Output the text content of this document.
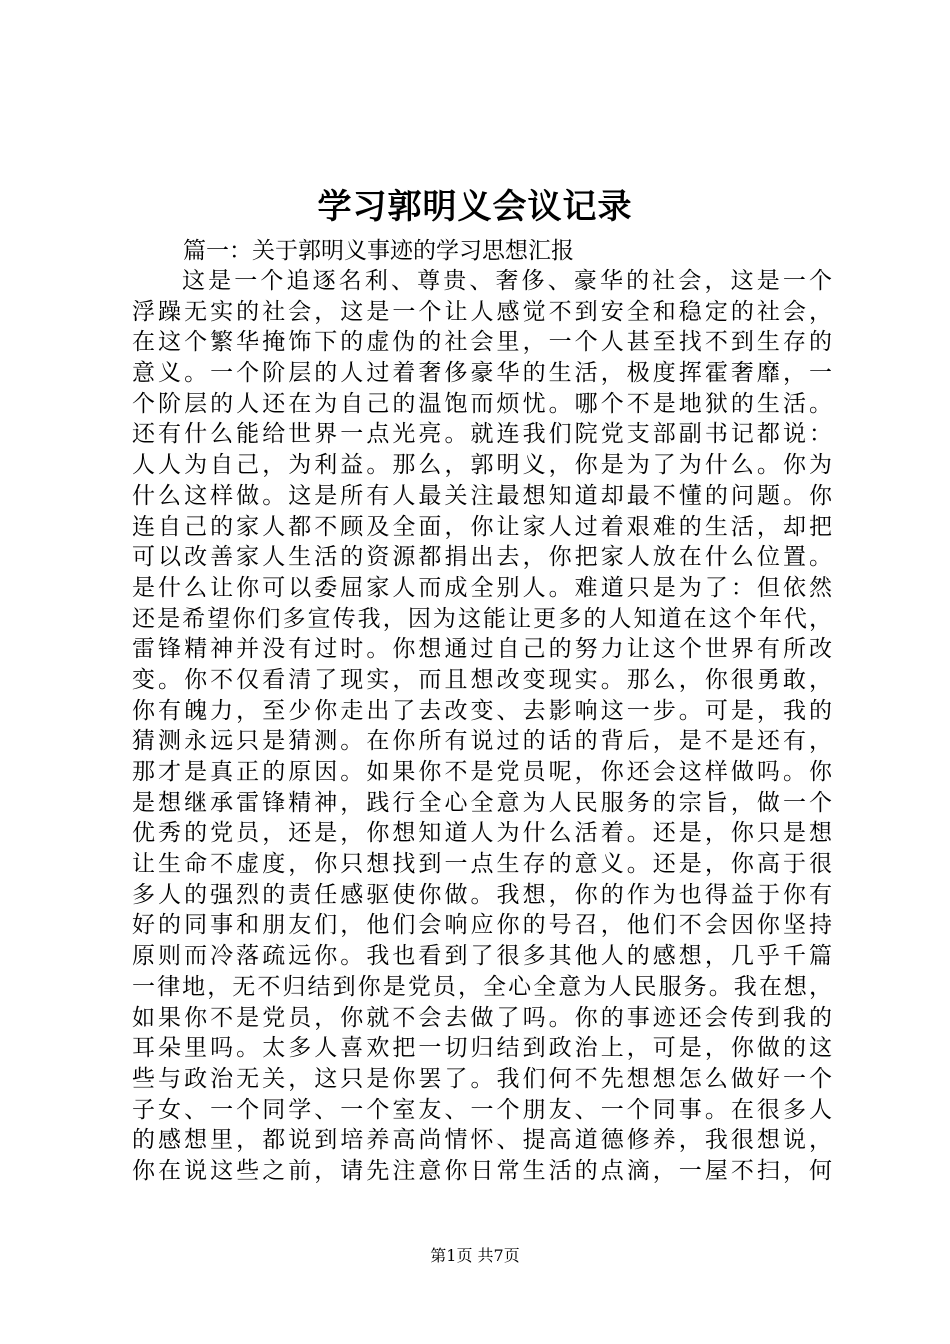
学习郭明义会议记录
篇一：关于郭明义事迹的学习思想汇报
这是一个追逐名利、尊贵、奢侈、豪华的社会，这是一个
浮躁无实的社会，这是一个让人感觉不到安全和稳定的社会，
在这个繁华掩饰下的虚伪的社会里，一个人甚至找不到生存的
意义。一个阶层的人过着奢侈豪华的生活，极度挥霍奢靡，一
个阶层的人还在为自己的温饱而烦忧。哪个不是地狱的生活。
还有什么能给世界一点光亮。就连我们院党支部副书记都说：
人人为自己，为利益。那么，郭明义，你是为了为什么。你为
什么这样做。这是所有人最关注最想知道却最不懂的问题。你
连自己的家人都不顾及全面，你让家人过着艰难的生活，却把
可以改善家人生活的资源都捐出去，你把家人放在什么位置。
是什么让你可以委屈家人而成全别人。难道只是为了：但依然
还是希望你们多宣传我，因为这能让更多的人知道在这个年代，
雷锋精神并没有过时。你想通过自己的努力让这个世界有所改
变。你不仅看清了现实，而且想改变现实。那么，你很勇敢，
你有魄力，至少你走出了去改变、去影响这一步。可是，我的
猜测永远只是猜测。在你所有说过的话的背后，是不是还有，
那才是真正的原因。如果你不是党员呢，你还会这样做吗。你
是想继承雷锋精神，践行全心全意为人民服务的宗旨，做一个
优秀的党员，还是，你想知道人为什么活着。还是，你只是想
让生命不虚度，你只想找到一点生存的意义。还是，你高于很
多人的强烈的责任感驱使你做。我想，你的作为也得益于你有
好的同事和朋友们，他们会响应你的号召，他们不会因你坚持
原则而冷落疏远你。我也看到了很多其他人的感想，几乎千篇
一律地，无不归结到你是党员，全心全意为人民服务。我在想，
如果你不是党员，你就不会去做了吗。你的事迹还会传到我的
耳朵里吗。太多人喜欢把一切归结到政治上，可是，你做的这
些与政治无关，这只是你罢了。我们何不先想想怎么做好一个
子女、一个同学、一个室友、一个朋友、一个同事。在很多人
的感想里，都说到培养高尚情怀、提高道德修养，我很想说，
你在说这些之前，请先注意你日常生活的点滴，一屋不扫，何
第1页 共7页
